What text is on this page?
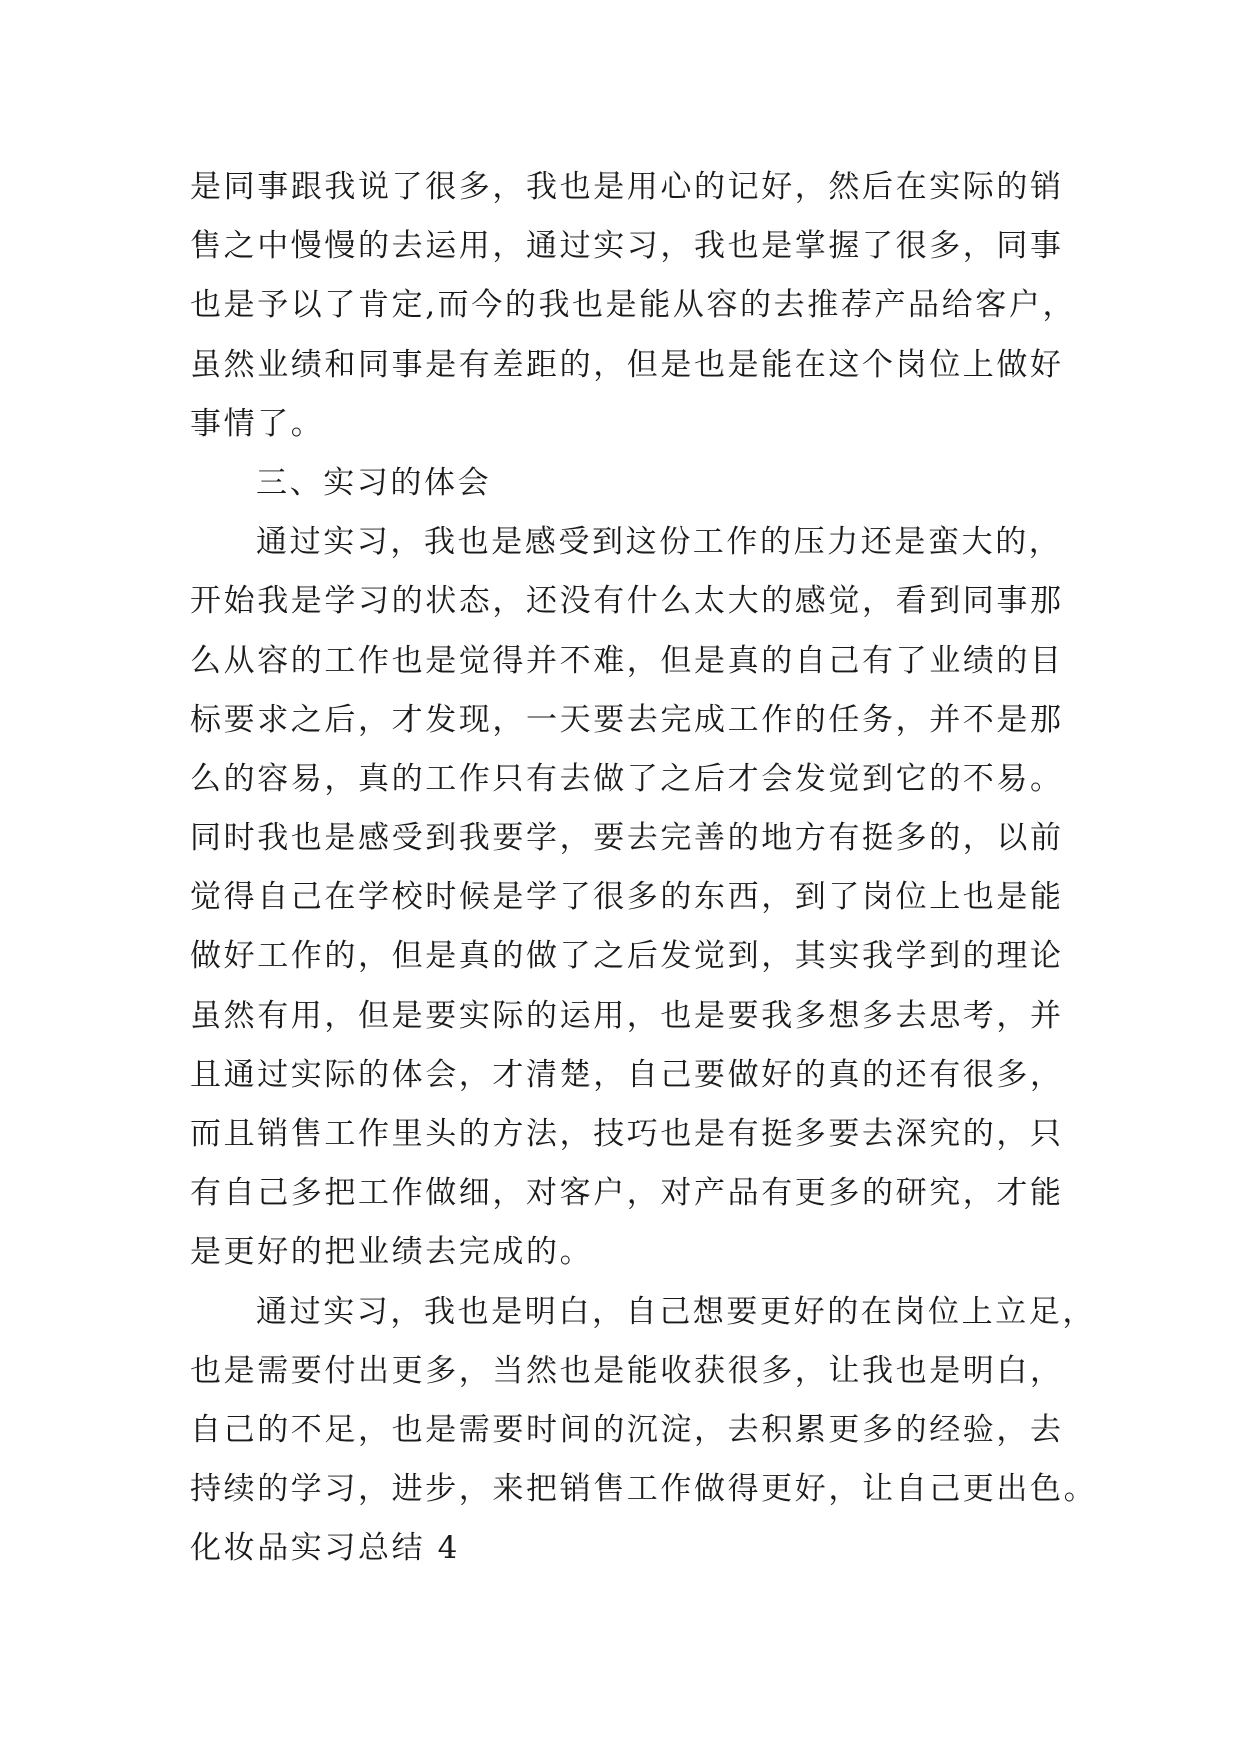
是同事跟我说了很多，我也是用心的记好，然后在实际的销
售之中慢慢的去运用，通过实习，我也是掌握了很多，同事
也是予以了肯定,而今的我也是能从容的去推荐产品给客户，
虽然业绩和同事是有差距的，但是也是能在这个岗位上做好
事情了。
三、实习的体会
通过实习，我也是感受到这份工作的压力还是蛮大的，
开始我是学习的状态，还没有什么太大的感觉，看到同事那
么从容的工作也是觉得并不难，但是真的自己有了业绩的目
标要求之后，才发现，一天要去完成工作的任务，并不是那
么的容易，真的工作只有去做了之后才会发觉到它的不易。
同时我也是感受到我要学，要去完善的地方有挺多的，以前
觉得自己在学校时候是学了很多的东西，到了岗位上也是能
做好工作的，但是真的做了之后发觉到，其实我学到的理论
虽然有用，但是要实际的运用，也是要我多想多去思考，并
且通过实际的体会，才清楚，自己要做好的真的还有很多，
而且销售工作里头的方法，技巧也是有挺多要去深究的，只
有自己多把工作做细，对客户，对产品有更多的研究，才能
是更好的把业绩去完成的。
通过实习，我也是明白，自己想要更好的在岗位上立足，
也是需要付出更多，当然也是能收获很多，让我也是明白，
自己的不足，也是需要时间的沉淀，去积累更多的经验，去
持续的学习，进步，来把销售工作做得更好，让自己更出色。
化妆品实习总结 4
